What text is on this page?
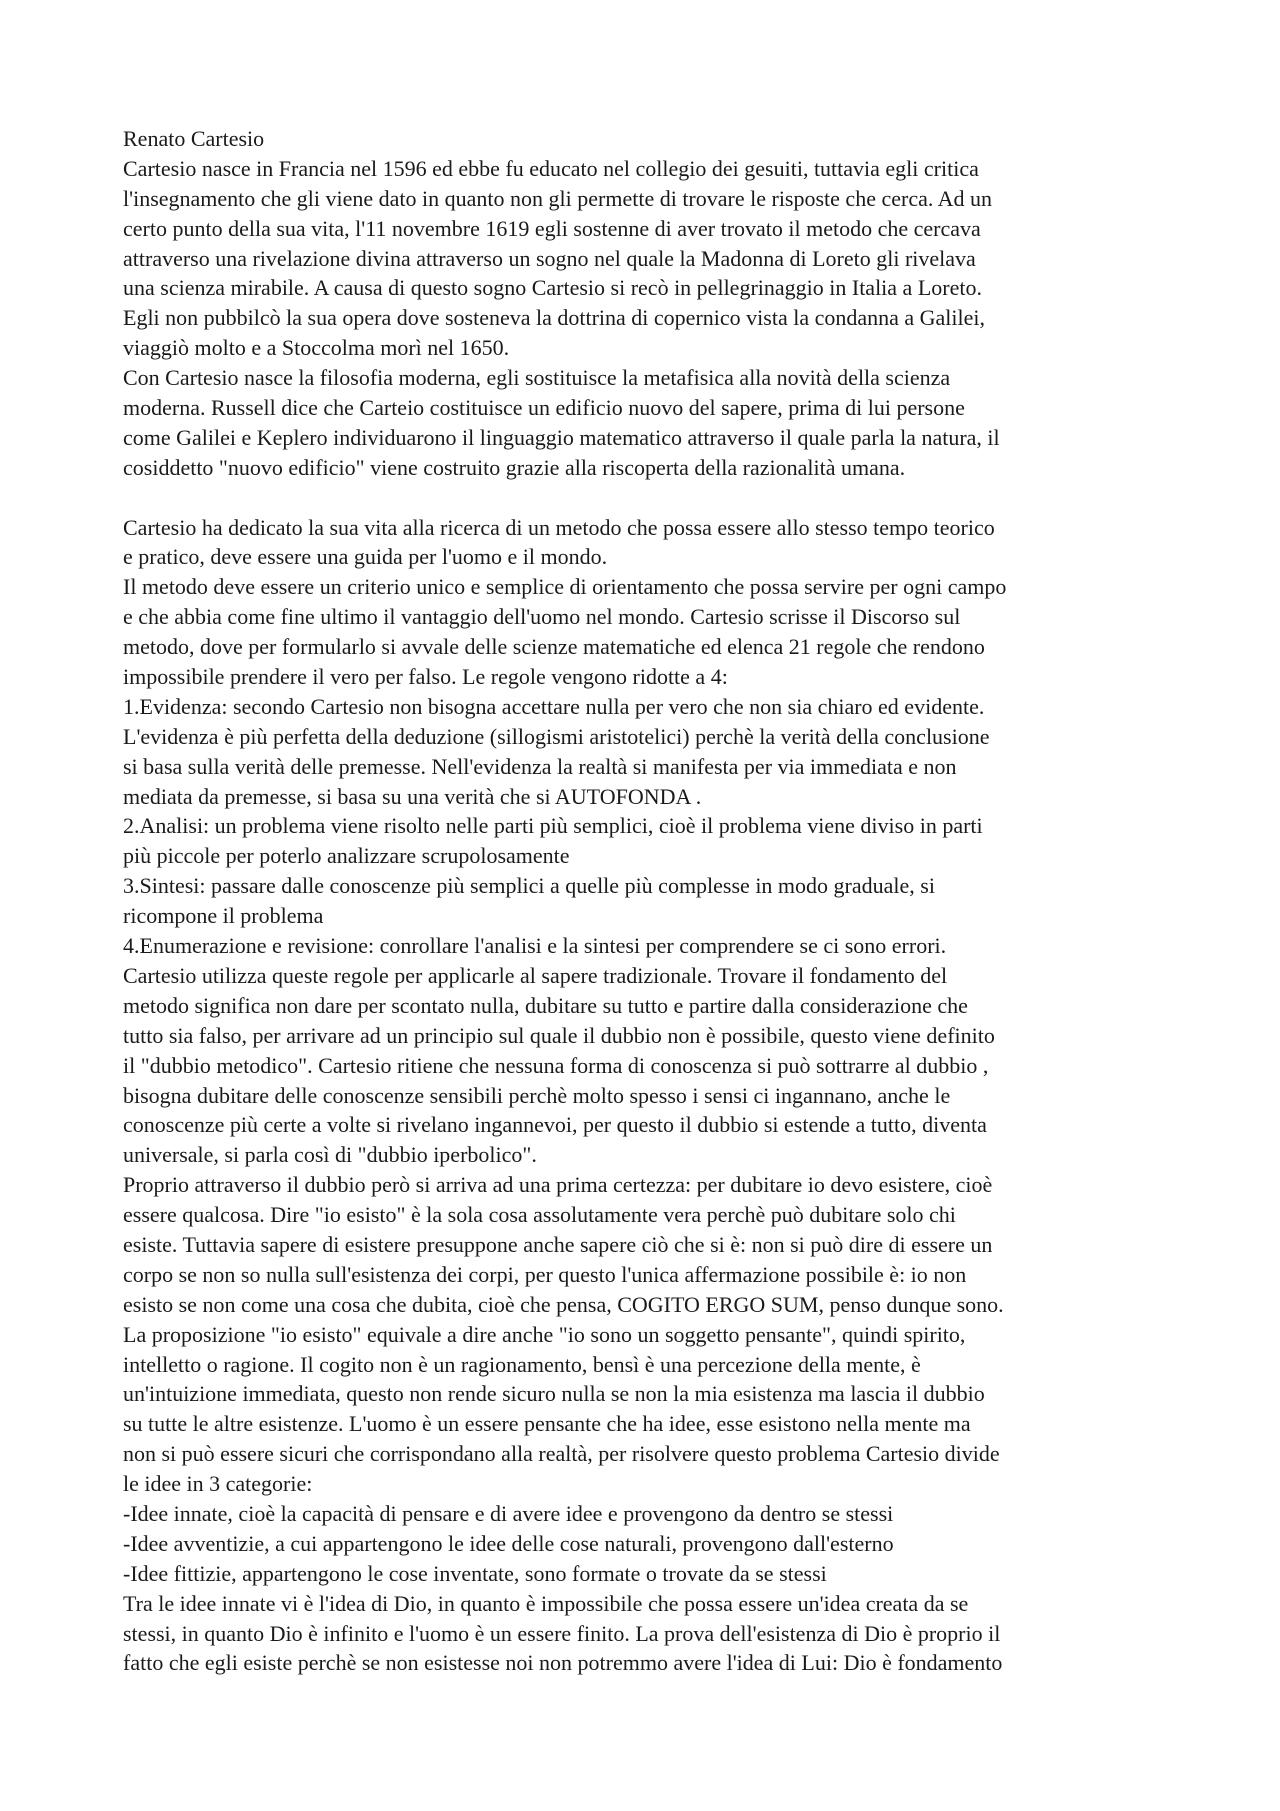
Renato Cartesio
Cartesio nasce in Francia nel 1596 ed ebbe fu educato nel collegio dei gesuiti, tuttavia egli critica
l'insegnamento che gli viene dato in quanto non gli permette di trovare le risposte che cerca. Ad un
certo punto della sua vita, l'11 novembre 1619 egli sostenne di aver trovato il metodo che cercava
attraverso una rivelazione divina attraverso un sogno nel quale la Madonna di Loreto gli rivelava
una scienza mirabile. A causa di questo sogno Cartesio si recò in pellegrinaggio in Italia a Loreto.
Egli non pubbilcò la sua opera dove sosteneva la dottrina di copernico vista la condanna a Galilei,
viaggiò molto e a Stoccolma morì nel 1650.
Con Cartesio nasce la filosofia moderna, egli sostituisce la metafisica alla novità della scienza
moderna. Russell dice che Carteio costituisce un edificio nuovo del sapere, prima di lui persone
come Galilei e Keplero individuarono il linguaggio matematico attraverso il quale parla la natura, il
cosiddetto "nuovo edificio" viene costruito grazie alla riscoperta della razionalità umana.
Cartesio ha dedicato la sua vita alla ricerca di un metodo che possa essere allo stesso tempo teorico
e pratico, deve essere una guida per l'uomo e il mondo.
Il metodo deve essere un criterio unico e semplice di orientamento che possa servire per ogni campo
e che abbia come fine ultimo il vantaggio dell'uomo nel mondo. Cartesio scrisse il Discorso sul
metodo, dove per formularlo si avvale delle scienze matematiche ed elenca 21 regole che rendono
impossibile prendere il vero per falso. Le regole vengono ridotte a 4:
1.Evidenza: secondo Cartesio non bisogna accettare nulla per vero che non sia chiaro ed evidente.
L'evidenza è più perfetta della deduzione (sillogismi aristotelici) perchè la verità della conclusione
si basa sulla verità delle premesse. Nell'evidenza la realtà si manifesta per via immediata e non
mediata da premesse, si basa su una verità che si AUTOFONDA .
2.Analisi: un problema viene risolto nelle parti più semplici, cioè il problema viene diviso in parti
più piccole per poterlo analizzare scrupolosamente
3.Sintesi: passare dalle conoscenze più semplici a quelle più complesse in modo graduale, si
ricompone il problema
4.Enumerazione e revisione: conrollare l'analisi e la sintesi per comprendere se ci sono errori.
Cartesio utilizza queste regole per applicarle al sapere tradizionale. Trovare il fondamento del
metodo significa non dare per scontato nulla, dubitare su tutto e partire dalla considerazione che
tutto sia falso, per arrivare ad un principio sul quale il dubbio non è possibile, questo viene definito
il "dubbio metodico". Cartesio ritiene che nessuna forma di conoscenza si può sottrarre al dubbio ,
bisogna dubitare delle conoscenze sensibili perchè molto spesso i sensi ci ingannano, anche le
conoscenze più certe a volte si rivelano ingannevoi, per questo il dubbio si estende a tutto, diventa
universale, si parla così di "dubbio iperbolico".
Proprio attraverso il dubbio però si arriva ad una prima certezza: per dubitare io devo esistere, cioè
essere qualcosa. Dire "io esisto" è la sola cosa assolutamente vera perchè può dubitare solo chi
esiste. Tuttavia sapere di esistere presuppone anche sapere ciò che si è: non si può dire di essere un
corpo se non so nulla sull'esistenza dei corpi, per questo l'unica affermazione possibile è: io non
esisto se non come una cosa che dubita, cioè che pensa, COGITO ERGO SUM, penso dunque sono.
La proposizione "io esisto" equivale a dire anche "io sono un soggetto pensante", quindi spirito,
intelletto o ragione. Il cogito non è un ragionamento, bensì è una percezione della mente, è
un'intuizione immediata, questo non rende sicuro nulla se non la mia esistenza ma lascia il dubbio
su tutte le altre esistenze. L'uomo è un essere pensante che ha idee, esse esistono nella mente ma
non si può essere sicuri che corrispondano alla realtà, per risolvere questo problema Cartesio divide
le idee in 3 categorie:
-Idee innate, cioè la capacità di pensare e di avere idee e provengono da dentro se stessi
-Idee avventizie, a cui appartengono le idee delle cose naturali, provengono dall'esterno
-Idee fittizie, appartengono le cose inventate, sono formate o trovate da se stessi
Tra le idee innate vi è l'idea di Dio, in quanto è impossibile che possa essere un'idea creata da se
stessi, in quanto Dio è infinito e l'uomo è un essere finito. La prova dell'esistenza di Dio è proprio il
fatto che egli esiste perchè se non esistesse noi non potremmo avere l'idea di Lui: Dio è fondamento
